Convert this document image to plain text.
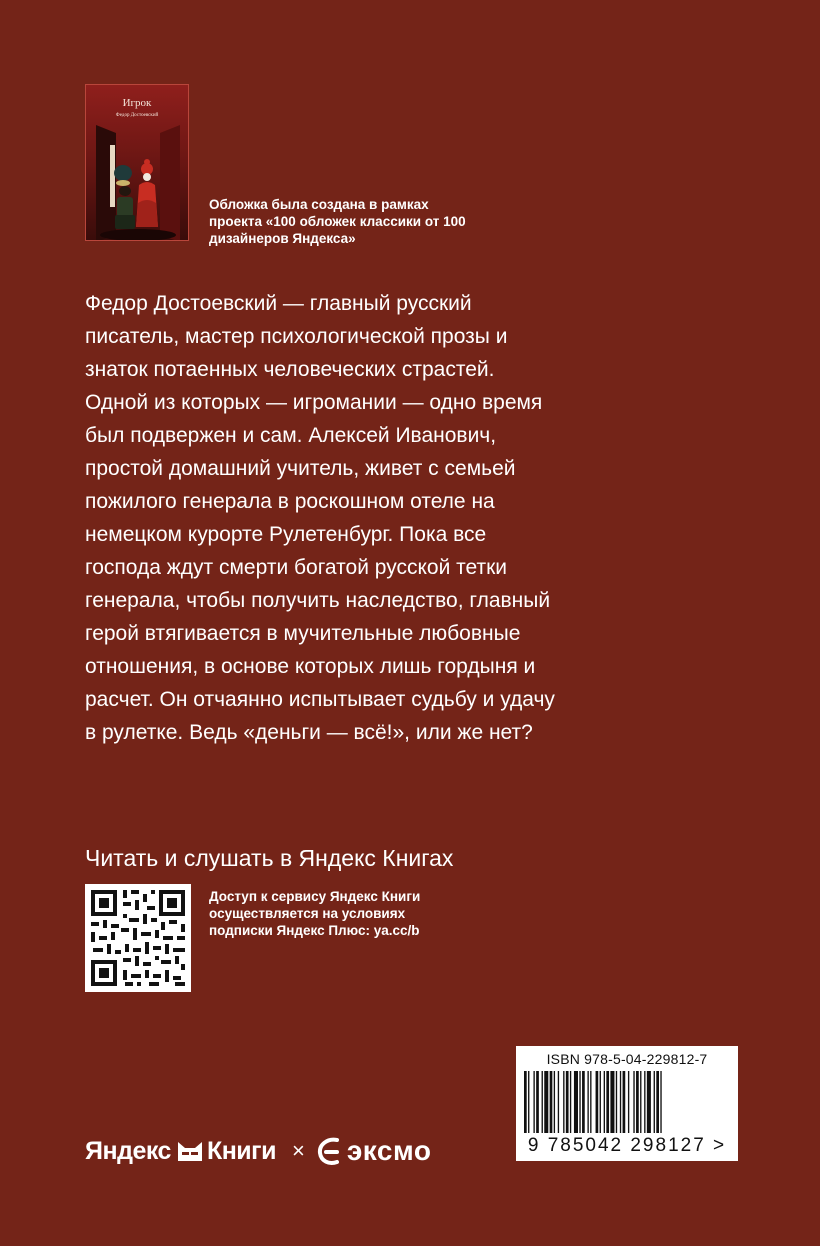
Игрок
Федор Достоевский

Обложка была создана в рамках проекта «100 обложек классики от 100 дизайнеров Яндекса»

Федор Достоевский — главный русский писатель, мастер психологической прозы и знаток потаенных человеческих страстей. Одной из которых — игромании — одно время был подвержен и сам. Алексей Иванович, простой домашний учитель, живет с семьей пожилого генерала в роскошном отеле на немецком курорте Рулетенбург. Пока все господа ждут смерти богатой русской тетки генерала, чтобы получить наследство, главный герой втягивается в мучительные любовные отношения, в основе которых лишь гордыня и расчет. Он отчаянно испытывает судьбу и удачу в рулетке. Ведь «деньги — всё!», или же нет?

Читать и слушать в Яндекс Книгах

Доступ к сервису Яндекс Книги осуществляется на условиях подписки Яндекс Плюс: ya.cc/b

ISBN 978-5-04-229812-7
9 785042 298127 >
Яндекс Книги × эксмо
